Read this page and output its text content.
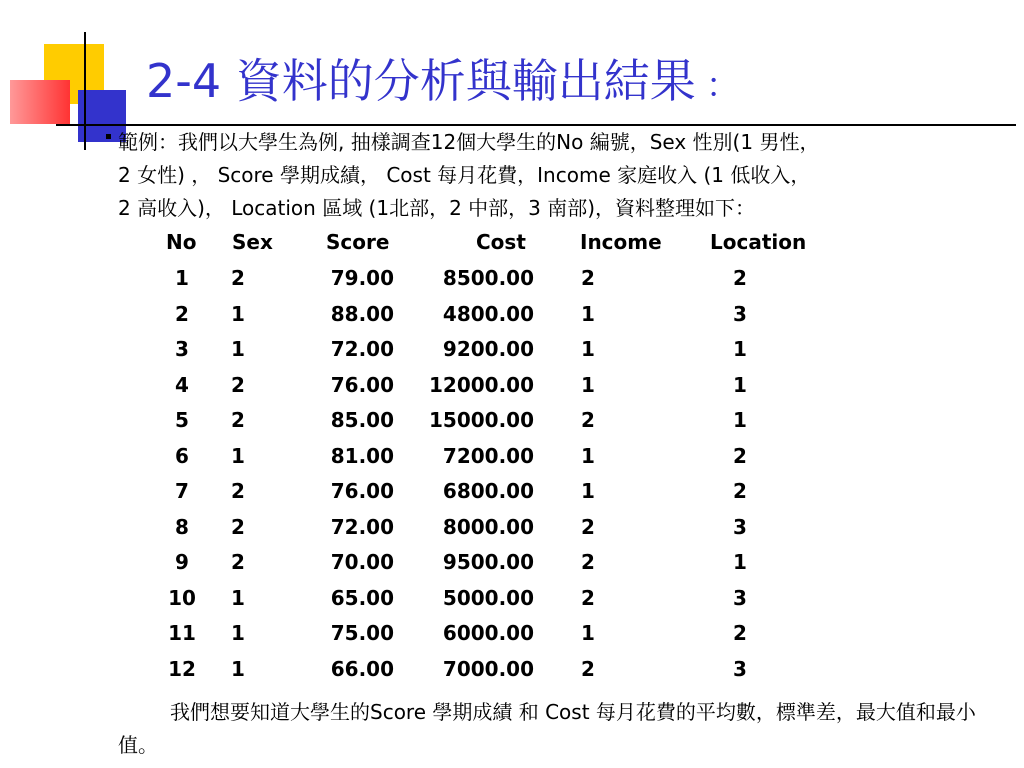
2-4 資料的分析與輸出結果 ：
範例：我們以大學生為例, 抽樣調查12個大學生的No 編號，Sex 性別(1 男性，
2 女性) ， Score 學期成績， Cost 每月花費，Income 家庭收入 (1 低收入，
2 高收入)， Location 區域 (1北部，2 中部，3 南部)，資料整理如下：
No Sex	Score	Cost	Income Location
1	2	79.00	8500.00	2	2
2	1	88.00	4800.00	1	3
3	1	72.00	9200.00	1	1
4	2	76.00	12000.00	1	1
5	2	85.00	15000.00	2	1
6	1	81.00	7200.00	1	2
7	2	76.00	6800.00	1	2
8	2	72.00	8000.00	2	3
9	2	70.00	9500.00	2	1
10	1	65.00	5000.00	2	3
11	1	75.00	6000.00	1	2
12	1	66.00	7000.00	2	3
我們想要知道大學生的Score 學期成績 和 Cost 每月花費的平均數，標準差，最大值和最小值。
